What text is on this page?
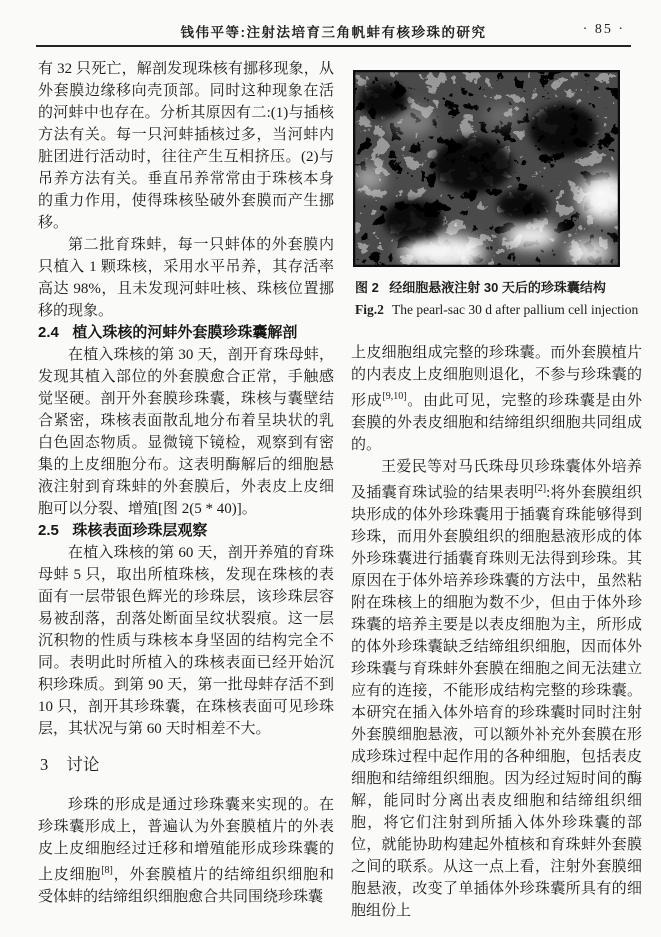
钱伟平等:注射法培育三角帆蚌有核珍珠的研究	· 85 ·

有 32 只死亡，解剖发现珠核有挪移现象，从外套膜边缘移向壳顶部。同时这种现象在活的河蚌中也存在。分析其原因有二:(1)与插核方法有关。每一只河蚌插核过多，当河蚌内脏团进行活动时，往往产生互相挤压。(2)与吊养方法有关。垂直吊养常常由于珠核本身的重力作用，使得珠核坠破外套膜而产生挪移。

第二批育珠蚌，每一只蚌体的外套膜内只植入 1 颗珠核，采用水平吊养，其存活率高达 98%，且未发现河蚌吐核、珠核位置挪移的现象。

2.4 植入珠核的河蚌外套膜珍珠囊解剖

在植入珠核的第 30 天，剖开育珠母蚌，发现其植入部位的外套膜愈合正常，手触感觉坚硬。剖开外套膜珍珠囊，珠核与囊壁结合紧密，珠核表面散乱地分布着呈块状的乳白色固态物质。显微镜下镜检，观察到有密集的上皮细胞分布。这表明酶解后的细胞悬液注射到育珠蚌的外套膜后，外表皮上皮细胞可以分裂、增殖[图 2(5 * 40)]。

2.5 珠核表面珍珠层观察

在植入珠核的第 60 天，剖开养殖的育珠母蚌 5 只，取出所植珠核，发现在珠核的表面有一层带银色辉光的珍珠层，该珍珠层容易被刮落，刮落处断面呈纹状裂痕。这一层沉积物的性质与珠核本身坚固的结构完全不同。表明此时所植入的珠核表面已经开始沉积珍珠质。到第 90 天，第一批母蚌存活不到 10 只，剖开其珍珠囊，在珠核表面可见珍珠层，其状况与第 60 天时相差不大。

3 讨论

珍珠的形成是通过珍珠囊来实现的。在珍珠囊形成上，普遍认为外套膜植片的外表皮上皮细胞经过迁移和增殖能形成珍珠囊的上皮细胞[8]，外套膜植片的结缔组织细胞和受体蚌的结缔组织细胞愈合共同围绕珍珠囊

图 2 经细胞悬液注射 30 天后的珍珠囊结构
Fig.2 The pearl-sac 30 d after pallium cell injection

上皮细胞组成完整的珍珠囊。而外套膜植片的内表皮上皮细胞则退化，不参与珍珠囊的形成[9,10]。由此可见，完整的珍珠囊是由外套膜的外表皮细胞和结缔组织细胞共同组成的。

王爱民等对马氏珠母贝珍珠囊体外培养及插囊育珠试验的结果表明[2]:将外套膜组织块形成的体外珍珠囊用于插囊育珠能够得到珍珠，而用外套膜组织的细胞悬液形成的体外珍珠囊进行插囊育珠则无法得到珍珠。其原因在于体外培养珍珠囊的方法中，虽然粘附在珠核上的细胞为数不少，但由于体外珍珠囊的培养主要是以表皮细胞为主，所形成的体外珍珠囊缺乏结缔组织细胞，因而体外珍珠囊与育珠蚌外套膜在细胞之间无法建立应有的连接，不能形成结构完整的珍珠囊。本研究在插入体外培育的珍珠囊时同时注射外套膜细胞悬液，可以额外补充外套膜在形成珍珠过程中起作用的各种细胞，包括表皮细胞和结缔组织细胞。因为经过短时间的酶解，能同时分离出表皮细胞和结缔组织细胞，将它们注射到所插入体外珍珠囊的部位，就能协助构建起外植核和育珠蚌外套膜之间的联系。从这一点上看，注射外套膜细胞悬液，改变了单插体外珍珠囊所具有的细胞组份上
